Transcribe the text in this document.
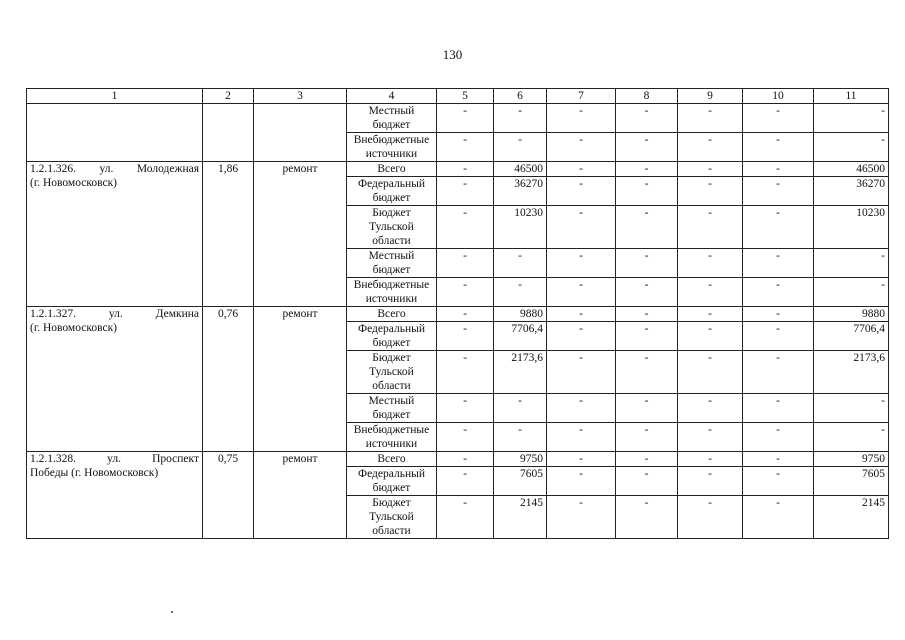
130
1	2	3	4	5	6	7	8	9	10	11
			Местный бюджет	-	-	-	-	-	-	-
			Внебюджетные источники	-	-	-	-	-	-	-
1.2.1.326. ул. Молодежная
(г. Новомосковск)	1,86	ремонт	Всего	-	46500	-	-	-	-	46500
			Федеральный бюджет	-	36270	-	-	-	-	36270
			Бюджет Тульской области	-	10230	-	-	-	-	10230
			Местный бюджет	-	-	-	-	-	-	-
			Внебюджетные источники	-	-	-	-	-	-	-
1.2.1.327. ул. Демкина
(г. Новомосковск)	0,76	ремонт	Всего	-	9880	-	-	-	-	9880
			Федеральный бюджет	-	7706,4	-	-	-	-	7706,4
			Бюджет Тульской области	-	2173,6	-	-	-	-	2173,6
			Местный бюджет	-	-	-	-	-	-	-
			Внебюджетные источники	-	-	-	-	-	-	-
1.2.1.328. ул. Проспект
Победы (г. Новомосковск)	0,75	ремонт	Всего	-	9750	-	-	-	-	9750
			Федеральный бюджет	-	7605	-	-	-	-	7605
			Бюджет Тульской области	-	2145	-	-	-	-	2145
